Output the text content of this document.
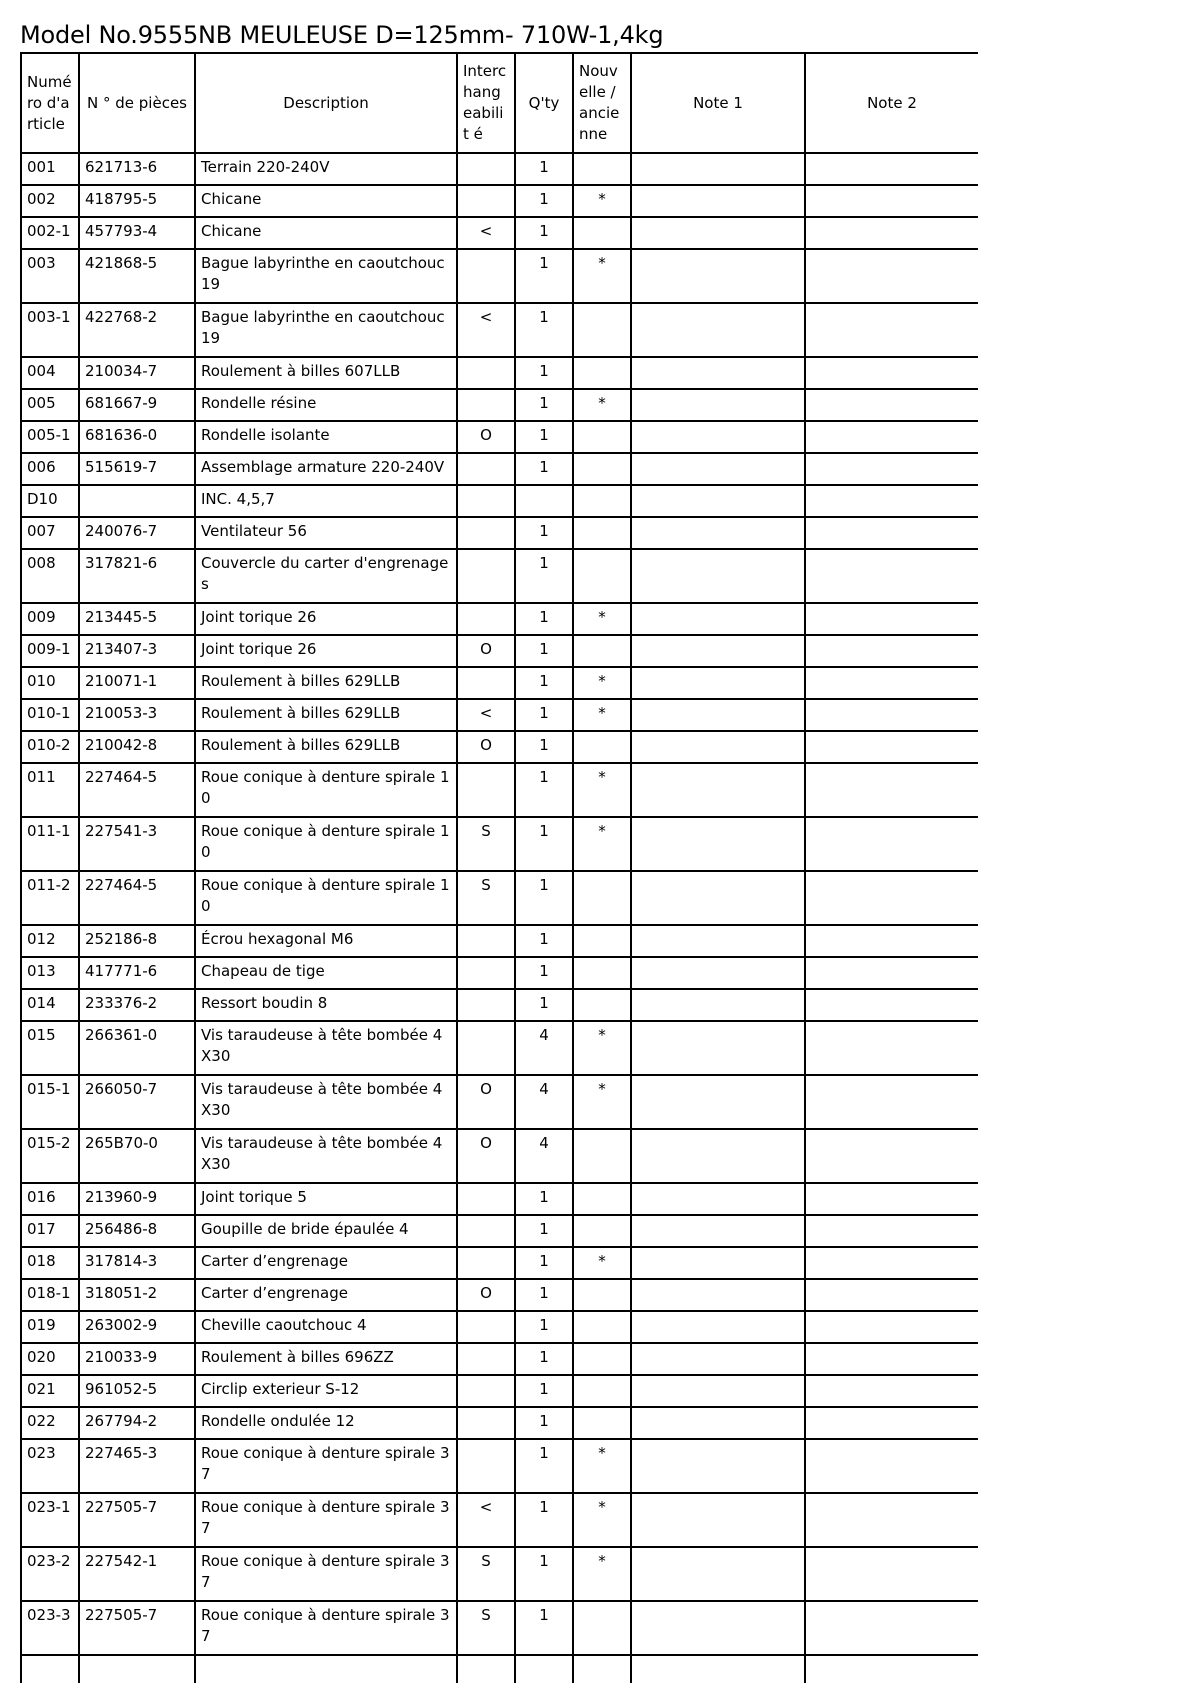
Model No.9555NB MEULEUSE D=125mm- 710W-1,4kg
Numé ro d'a rticle	N ° de pièces	Description	Interc hang eabilit é	Q'ty	Nouv elle / ancie nne	Note 1	Note 2
001	621713-6	Terrain 220-240V		1			
002	418795-5	Chicane		1	*		
002-1	457793-4	Chicane	<	1			
003	421868-5	Bague labyrinthe en caoutchouc 19		1	*		
003-1	422768-2	Bague labyrinthe en caoutchouc 19	<	1			
004	210034-7	Roulement à billes 607LLB		1			
005	681667-9	Rondelle résine		1	*		
005-1	681636-0	Rondelle isolante	O	1			
006	515619-7	Assemblage armature 220-240V		1			
D10		INC. 4,5,7					
007	240076-7	Ventilateur 56		1			
008	317821-6	Couvercle du carter d'engrenages		1			
009	213445-5	Joint torique 26		1	*		
009-1	213407-3	Joint torique 26	O	1			
010	210071-1	Roulement à billes 629LLB		1	*		
010-1	210053-3	Roulement à billes 629LLB	<	1	*		
010-2	210042-8	Roulement à billes 629LLB	O	1			
011	227464-5	Roue conique à denture spirale 10		1	*		
011-1	227541-3	Roue conique à denture spirale 10	S	1	*		
011-2	227464-5	Roue conique à denture spirale 10	S	1			
012	252186-8	Écrou hexagonal M6		1			
013	417771-6	Chapeau de tige		1			
014	233376-2	Ressort boudin 8		1			
015	266361-0	Vis taraudeuse à tête bombée 4X30		4	*		
015-1	266050-7	Vis taraudeuse à tête bombée 4X30	O	4	*		
015-2	265B70-0	Vis taraudeuse à tête bombée 4X30	O	4			
016	213960-9	Joint torique 5		1			
017	256486-8	Goupille de bride épaulée 4		1			
018	317814-3	Carter d’engrenage		1	*		
018-1	318051-2	Carter d’engrenage	O	1			
019	263002-9	Cheville caoutchouc 4		1			
020	210033-9	Roulement à billes 696ZZ		1			
021	961052-5	Circlip exterieur S-12		1			
022	267794-2	Rondelle ondulée 12		1			
023	227465-3	Roue conique à denture spirale 37		1	*		
023-1	227505-7	Roue conique à denture spirale 37	<	1	*		
023-2	227542-1	Roue conique à denture spirale 37	S	1	*		
023-3	227505-7	Roue conique à denture spirale 37	S	1			
